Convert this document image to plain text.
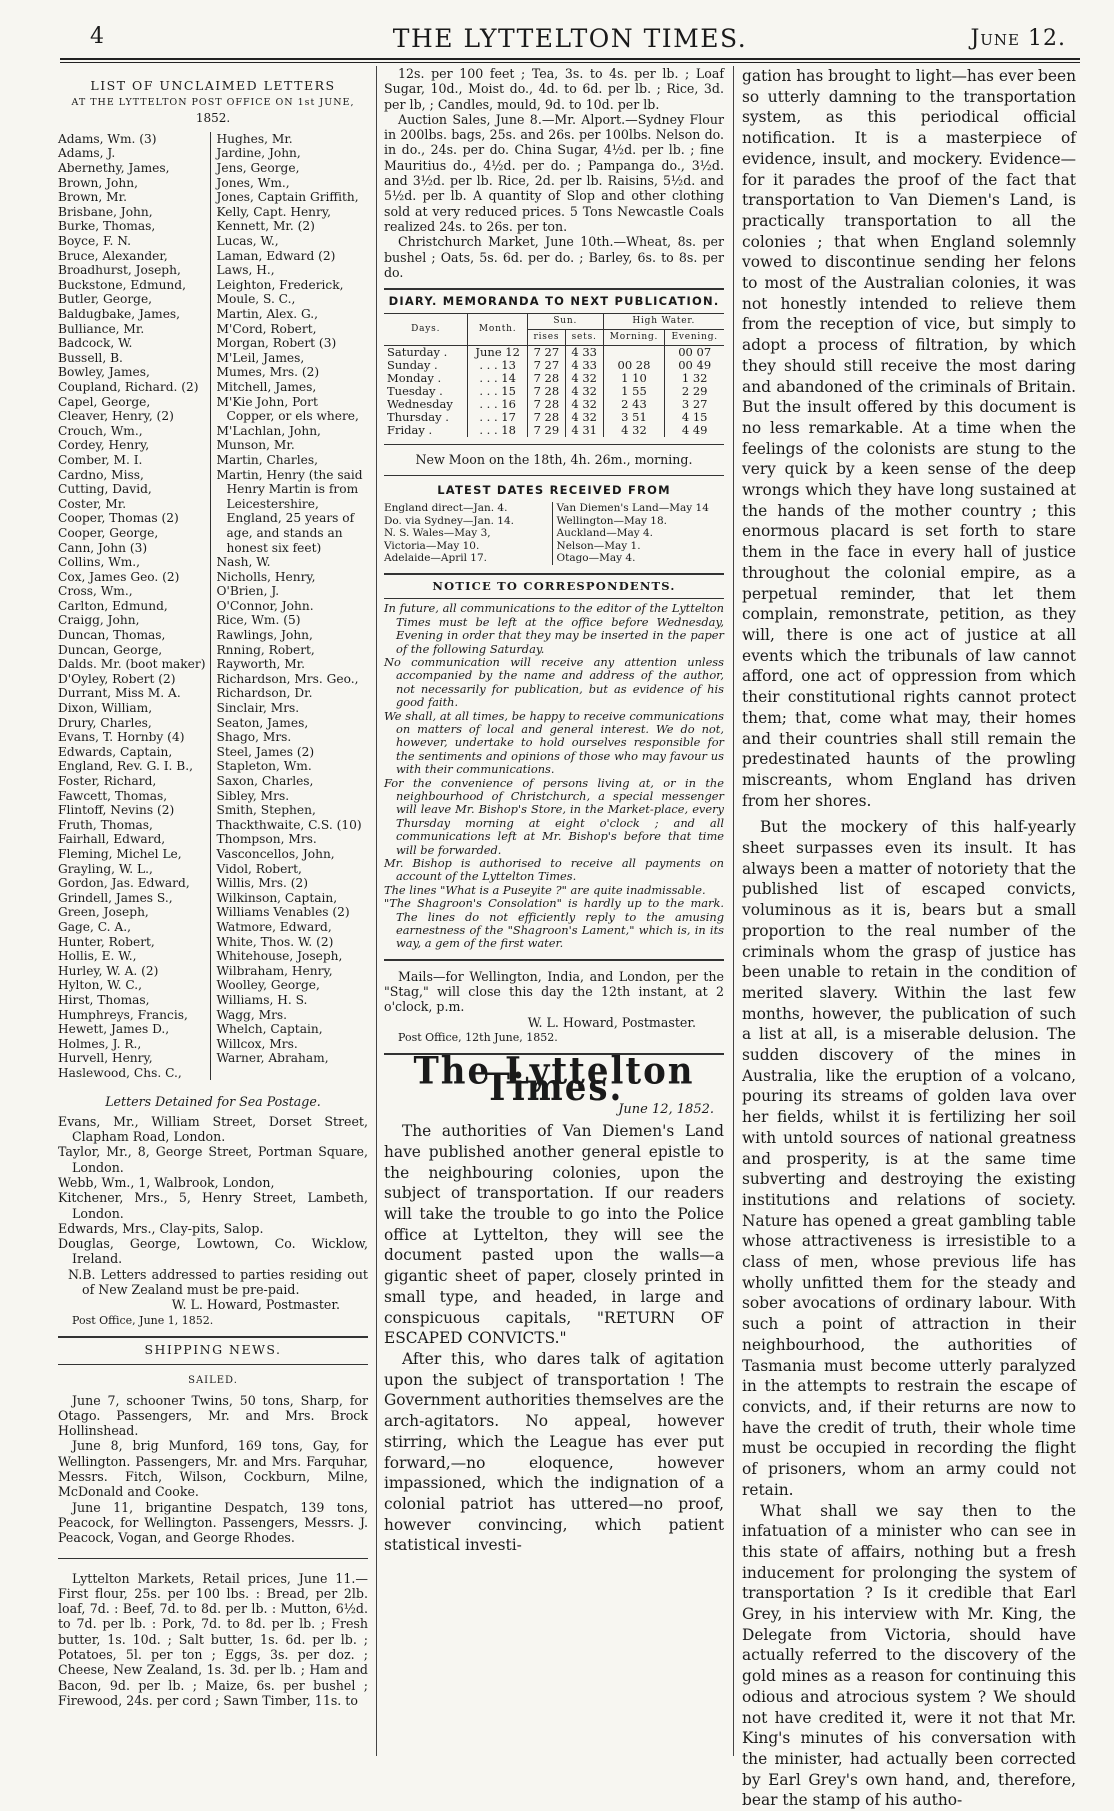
4	THE LYTTELTON TIMES.	June 12.
LIST OF UNCLAIMED LETTERS
AT THE LYTTELTON POST OFFICE ON 1st JUNE,
1852.
Adams, Wm. (3)
Adams, J.
Abernethy, James,
Brown, John,
Brown, Mr.
Brisbane, John,
Burke, Thomas,
Boyce, F. N.
Bruce, Alexander,
Broadhurst, Joseph,
Buckstone, Edmund,
Butler, George,
Baldugbake, James,
Bulliance, Mr.
Badcock, W.
Bussell, B.
Bowley, James,
Coupland, Richard. (2)
Capel, George,
Cleaver, Henry, (2)
Crouch, Wm.,
Cordey, Henry,
Comber, M. I.
Cardno, Miss,
Cutting, David,
Coster, Mr.
Cooper, Thomas (2)
Cooper, George,
Cann, John (3)
Collins, Wm.,
Cox, James Geo. (2)
Cross, Wm.,
Carlton, Edmund,
Craigg, John,
Duncan, Thomas,
Duncan, George,
Dalds. Mr. (boot maker)
D'Oyley, Robert (2)
Durrant, Miss M. A.
Dixon, William,
Drury, Charles,
Evans, T. Hornby (4)
Edwards, Captain,
England, Rev. G. I. B.,
Foster, Richard,
Fawcett, Thomas,
Flintoff, Nevins (2)
Fruth, Thomas,
Fairhall, Edward,
Fleming, Michel Le,
Grayling, W. L.,
Gordon, Jas. Edward,
Grindell, James S.,
Green, Joseph,
Gage, C. A.,
Hunter, Robert,
Hollis, E. W.,
Hurley, W. A. (2)
Hylton, W. C.,
Hirst, Thomas,
Humphreys, Francis,
Hewett, James D.,
Holmes, J. R.,
Hurvell, Henry,
Haslewood, Chs. C.,
Hughes, Mr.
Jardine, John,
Jens, George,
Jones, Wm.,
Jones, Captain Griffith,
Kelly, Capt. Henry,
Kennett, Mr. (2)
Lucas, W.,
Laman, Edward (2)
Laws, H.,
Leighton, Frederick,
Moule, S. C.,
Martin, Alex. G.,
M'Cord, Robert,
Morgan, Robert (3)
M'Leil, James,
Mumes, Mrs. (2)
Mitchell, James,
M'Kie John, Port Copper, or els where,
M'Lachlan, John,
Munson, Mr.
Martin, Charles,
Martin, Henry (the said Henry Martin is from Leicestershire, England, 25 years of age, and stands an honest six feet)
Nash, W.
Nicholls, Henry,
O'Brien, J.
O'Connor, John.
Rice, Wm. (5)
Rawlings, John,
Rnning, Robert,
Rayworth, Mr.
Richardson, Mrs. Geo.,
Richardson, Dr.
Sinclair, Mrs.
Seaton, James,
Shago, Mrs.
Steel, James (2)
Stapleton, Wm.
Saxon, Charles,
Sibley, Mrs.
Smith, Stephen,
Thackthwaite, C.S. (10)
Thompson, Mrs.
Vasconcellos, John,
Vidol, Robert,
Willis, Mrs. (2)
Wilkinson, Captain,
Williams Venables (2)
Watmore, Edward,
White, Thos. W. (2)
Whitehouse, Joseph,
Wilbraham, Henry,
Woolley, George,
Williams, H. S.
Wagg, Mrs.
Whelch, Captain,
Willcox, Mrs.
Warner, Abraham,
Letters Detained for Sea Postage.
Evans, Mr., William Street, Dorset Street, Clapham Road, London.
Taylor, Mr., 8, George Street, Portman Square, London.
Webb, Wm., 1, Walbrook, London,
Kitchener, Mrs., 5, Henry Street, Lambeth, London.
Edwards, Mrs., Clay-pits, Salop.
Douglas, George, Lowtown, Co. Wicklow, Ireland.
N.B. Letters addressed to parties residing out of New Zealand must be pre-paid.
W. L. Howard, Postmaster.
Post Office, June 1, 1852.
SHIPPING NEWS.
SAILED.
June 7, schooner Twins, 50 tons, Sharp, for Otago. Passengers, Mr. and Mrs. Brock Hollinshead.
June 8, brig Munford, 169 tons, Gay, for Wellington. Passengers, Mr. and Mrs. Farquhar, Messrs. Fitch, Wilson, Cockburn, Milne, McDonald and Cooke.
June 11, brigantine Despatch, 139 tons, Peacock, for Wellington. Passengers, Messrs. J. Peacock, Vogan, and George Rhodes.
Lyttelton Markets, Retail prices, June 11.—First flour, 25s. per 100 lbs. : Bread, per 2lb. loaf, 7d. : Beef, 7d. to 8d. per lb. : Mutton, 6½d. to 7d. per lb. : Pork, 7d. to 8d. per lb. ; Fresh butter, 1s. 10d. ; Salt butter, 1s. 6d. per lb. ; Potatoes, 5l. per ton ; Eggs, 3s. per doz. ; Cheese, New Zealand, 1s. 3d. per lb. ; Ham and Bacon, 9d. per lb. ; Maize, 6s. per bushel ; Firewood, 24s. per cord ; Sawn Timber, 11s. to
12s. per 100 feet ; Tea, 3s. to 4s. per lb. ; Loaf Sugar, 10d., Moist do., 4d. to 6d. per lb. ; Rice, 3d. per lb, ; Candles, mould, 9d. to 10d. per lb.
Auction Sales, June 8.—Mr. Alport.—Sydney Flour in 200lbs. bags, 25s. and 26s. per 100lbs. Nelson do. in do., 24s. per do. China Sugar, 4½d. per lb. ; fine Mauritius do., 4½d. per do. ; Pampanga do., 3½d. and 3½d. per lb. Rice, 2d. per lb. Raisins, 5½d. and 5½d. per lb. A quantity of Slop and other clothing sold at very reduced prices. 5 Tons Newcastle Coals realized 24s. to 26s. per ton.
Christchurch Market, June 10th.—Wheat, 8s. per bushel ; Oats, 5s. 6d. per do. ; Barley, 6s. to 8s. per do.
DIARY. MEMORANDA TO NEXT PUBLICATION.
Days.	Month.	Sun.		High Water.	
		rises	sets.	Morning.	Evening.
Saturday .	June 12	7 27	4 33		00 07
Sunday .	. . . 13	7 27	4 33	00 28	00 49
Monday .	. . . 14	7 28	4 32	1 10	1 32
Tuesday .	. . . 15	7 28	4 32	1 55	2 29
Wednesday	. . . 16	7 28	4 32	2 43	3 27
Thursday .	. . . 17	7 28	4 32	3 51	4 15
Friday .	. . . 18	7 29	4 31	4 32	4 49
New Moon on the 18th, 4h. 26m., morning.
LATEST DATES RECEIVED FROM
England direct—Jan. 4.
Do. via Sydney—Jan. 14.
N. S. Wales—May 3,
Victoria—May 10.
Adelaide—April 17.
Van Diemen's Land—May 14
Wellington—May 18.
Auckland—May 4.
Nelson—May 1.
Otago—May 4.
NOTICE TO CORRESPONDENTS.
In future, all communications to the editor of the Lyttelton Times must be left at the office before Wednesday, Evening in order that they may be inserted in the paper of the following Saturday.
No communication will receive any attention unless accompanied by the name and address of the author, not necessarily for publication, but as evidence of his good faith.
We shall, at all times, be happy to receive communications on matters of local and general interest. We do not, however, undertake to hold ourselves responsible for the sentiments and opinions of those who may favour us with their communications.
For the convenience of persons living at, or in the neighbourhood of Christchurch, a special messenger will leave Mr. Bishop's Store, in the Market-place, every Thursday morning at eight o'clock ; and all communications left at Mr. Bishop's before that time will be forwarded.
Mr. Bishop is authorised to receive all payments on account of the Lyttelton Times.
The lines "What is a Puseyite ?" are quite inadmissable.
"The Shagroon's Consolation" is hardly up to the mark. The lines do not efficiently reply to the amusing earnestness of the "Shagroon's Lament," which is, in its way, a gem of the first water.
Mails—for Wellington, India, and London, per the "Stag," will close this day the 12th instant, at 2 o'clock, p.m.
W. L. Howard, Postmaster.
Post Office, 12th June, 1852.
The Lyttelton Times.
June 12, 1852.
The authorities of Van Diemen's Land have published another general epistle to the neighbouring colonies, upon the subject of transportation. If our readers will take the trouble to go into the Police office at Lyttelton, they will see the document pasted upon the walls—a gigantic sheet of paper, closely printed in small type, and headed, in large and conspicuous capitals, "RETURN OF ESCAPED CONVICTS."
After this, who dares talk of agitation upon the subject of transportation ! The Government authorities themselves are the arch-agitators. No appeal, however stirring, which the League has ever put forward,—no eloquence, however impassioned, which the indignation of a colonial patriot has uttered—no proof, however convincing, which patient statistical investi-
gation has brought to light—has ever been so utterly damning to the transportation system, as this periodical official notification. It is a masterpiece of evidence, insult, and mockery. Evidence—for it parades the proof of the fact that transportation to Van Diemen's Land, is practically transportation to all the colonies ; that when England solemnly vowed to discontinue sending her felons to most of the Australian colonies, it was not honestly intended to relieve them from the reception of vice, but simply to adopt a process of filtration, by which they should still receive the most daring and abandoned of the criminals of Britain. But the insult offered by this document is no less remarkable. At a time when the feelings of the colonists are stung to the very quick by a keen sense of the deep wrongs which they have long sustained at the hands of the mother country ; this enormous placard is set forth to stare them in the face in every hall of justice throughout the colonial empire, as a perpetual reminder, that let them complain, remonstrate, petition, as they will, there is one act of justice at all events which the tribunals of law cannot afford, one act of oppression from which their constitutional rights cannot protect them; that, come what may, their homes and their countries shall still remain the predestinated haunts of the prowling miscreants, whom England has driven from her shores.
But the mockery of this half-yearly sheet surpasses even its insult. It has always been a matter of notoriety that the published list of escaped convicts, voluminous as it is, bears but a small proportion to the real number of the criminals whom the grasp of justice has been unable to retain in the condition of merited slavery. Within the last few months, however, the publication of such a list at all, is a miserable delusion. The sudden discovery of the mines in Australia, like the eruption of a volcano, pouring its streams of golden lava over her fields, whilst it is fertilizing her soil with untold sources of national greatness and prosperity, is at the same time subverting and destroying the existing institutions and relations of society. Nature has opened a great gambling table whose attractiveness is irresistible to a class of men, whose previous life has wholly unfitted them for the steady and sober avocations of ordinary labour. With such a point of attraction in their neighbourhood, the authorities of Tasmania must become utterly paralyzed in the attempts to restrain the escape of convicts, and, if their returns are now to have the credit of truth, their whole time must be occupied in recording the flight of prisoners, whom an army could not retain.
What shall we say then to the infatuation of a minister who can see in this state of affairs, nothing but a fresh inducement for prolonging the system of transportation ? Is it credible that Earl Grey, in his interview with Mr. King, the Delegate from Victoria, should have actually referred to the discovery of the gold mines as a reason for continuing this odious and atrocious system ? We should not have credited it, were it not that Mr. King's minutes of his conversation with the minister, had actually been corrected by Earl Grey's own hand, and, therefore, bear the stamp of his autho-
